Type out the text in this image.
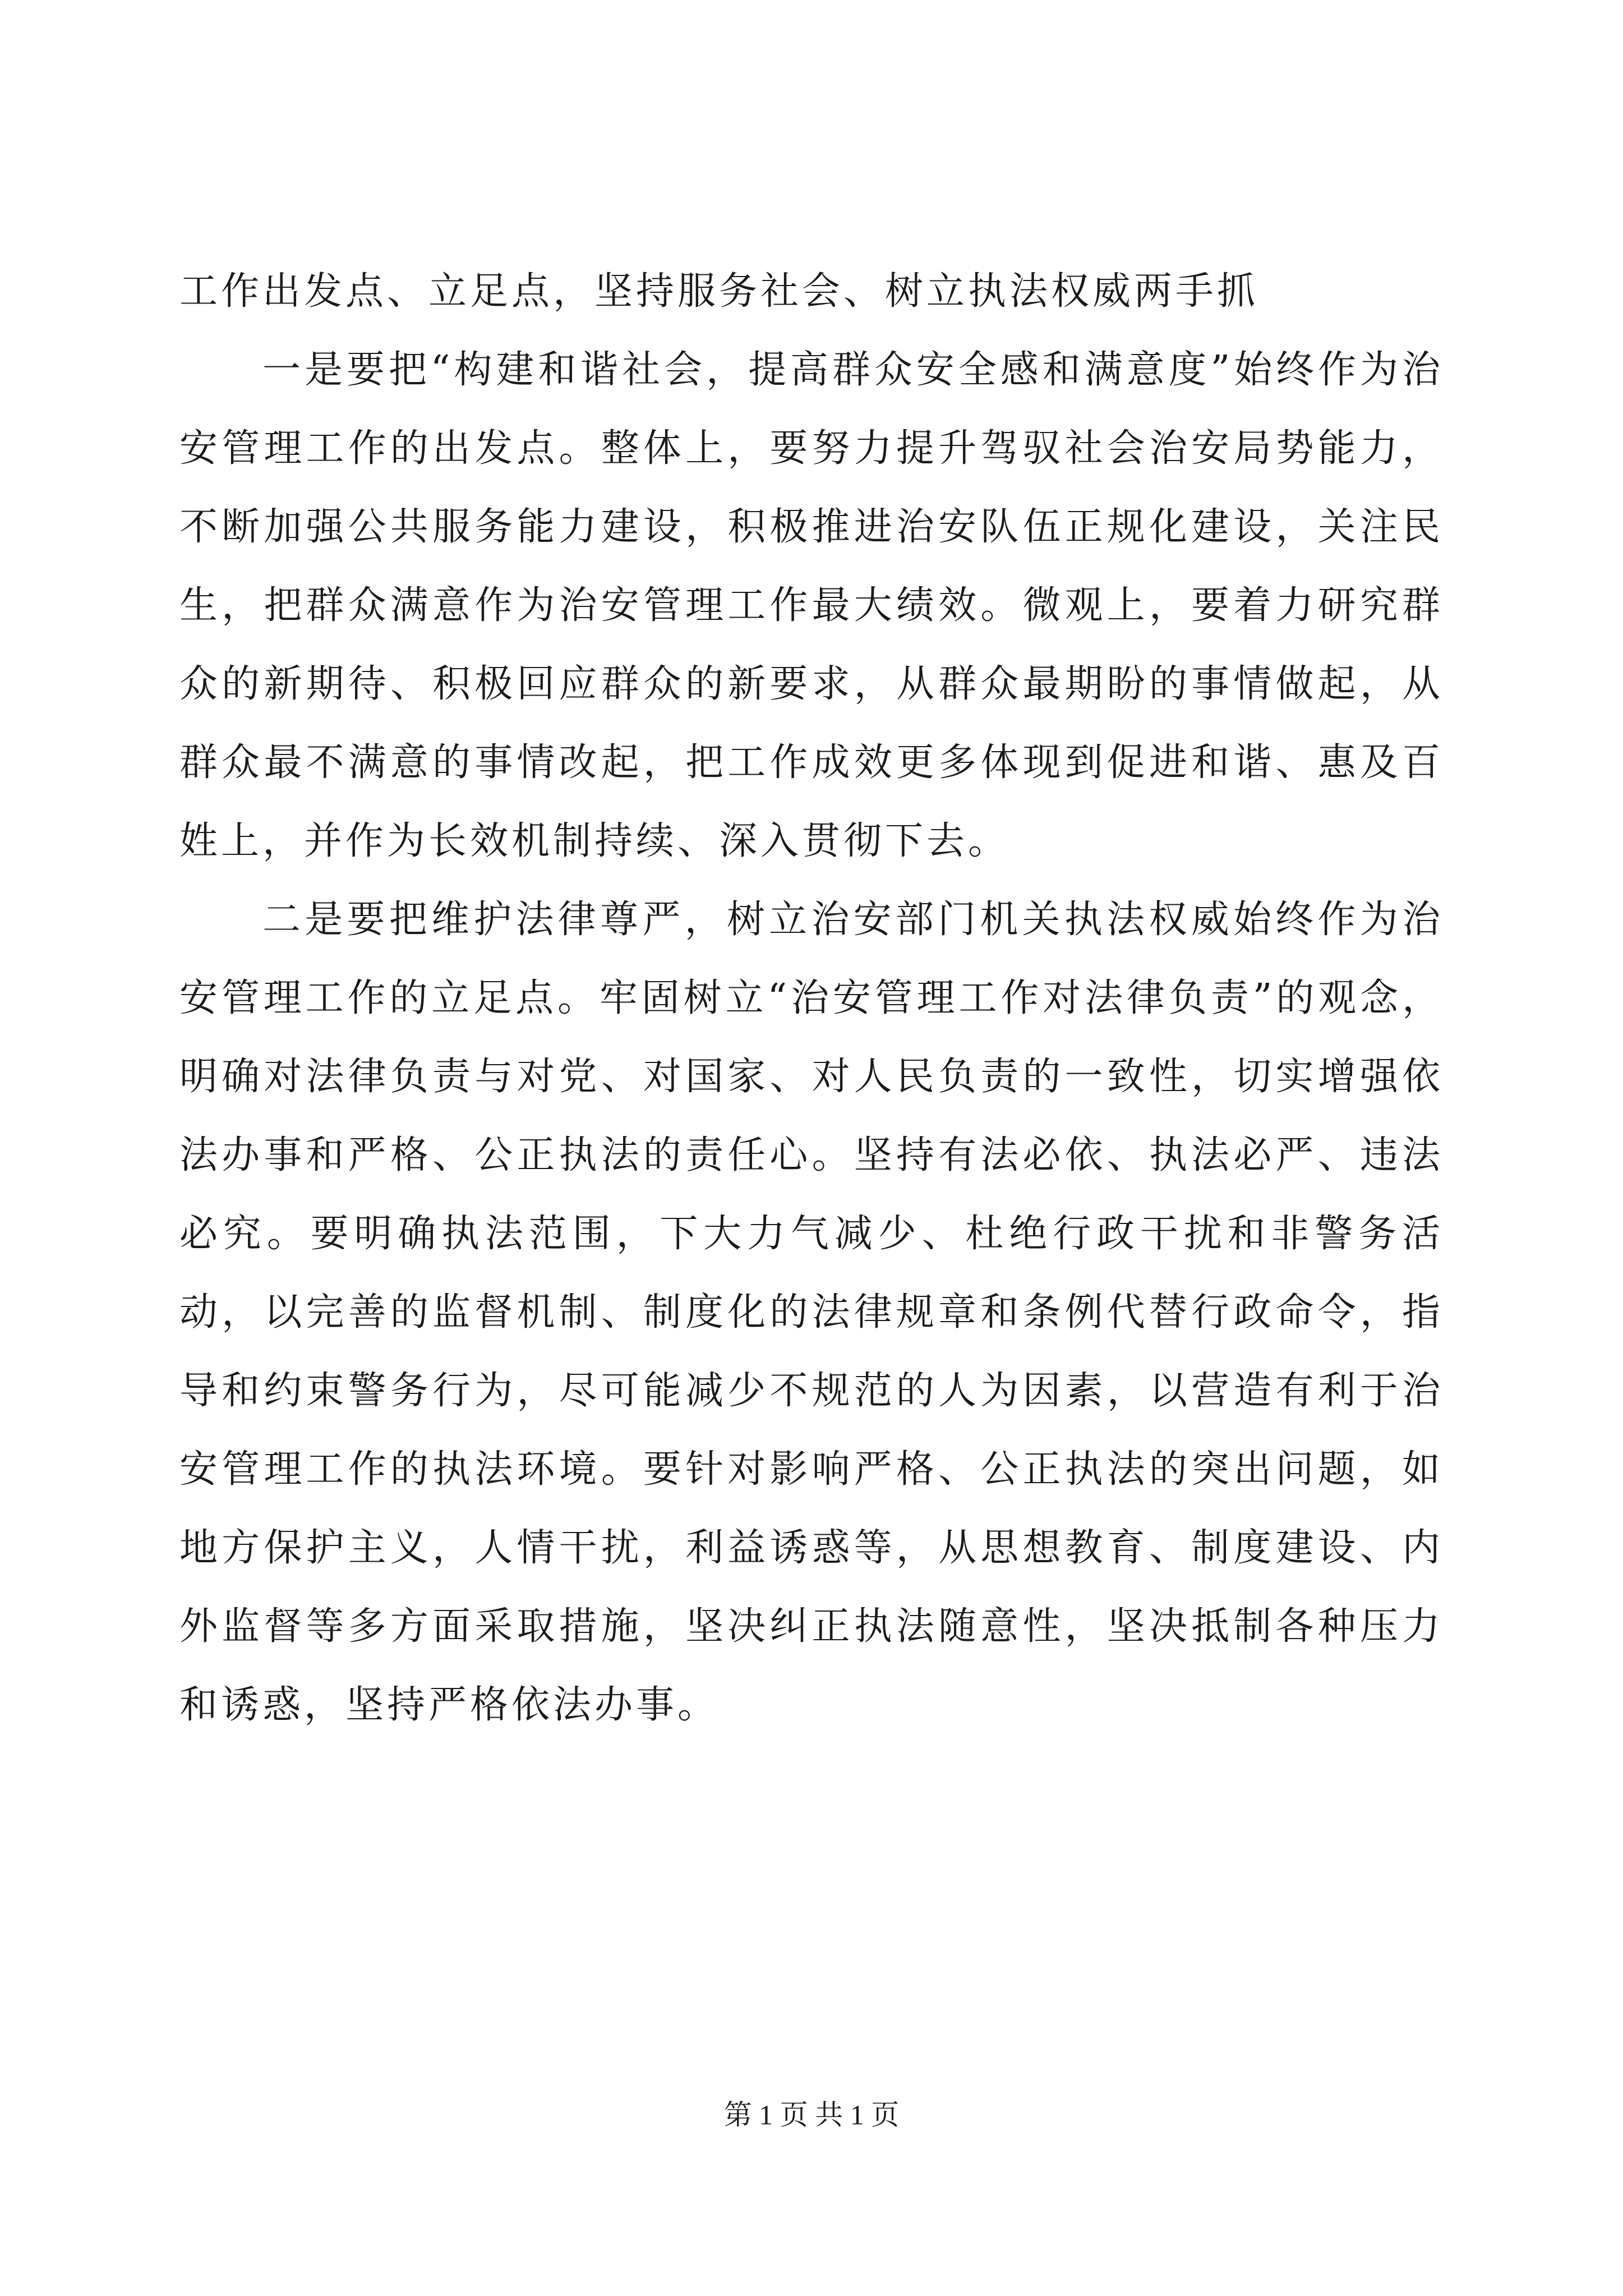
工作出发点、立足点，坚持服务社会、树立执法权威两手抓

一是要把“构建和谐社会，提高群众安全感和满意度”始终作为治安管理工作的出发点。整体上，要努力提升驾驭社会治安局势能力，不断加强公共服务能力建设，积极推进治安队伍正规化建设，关注民生，把群众满意作为治安管理工作最大绩效。微观上，要着力研究群众的新期待、积极回应群众的新要求，从群众最期盼的事情做起，从群众最不满意的事情改起，把工作成效更多体现到促进和谐、惠及百姓上，并作为长效机制持续、深入贯彻下去。

二是要把维护法律尊严，树立治安部门机关执法权威始终作为治安管理工作的立足点。牢固树立“治安管理工作对法律负责”的观念，明确对法律负责与对党、对国家、对人民负责的一致性，切实增强依法办事和严格、公正执法的责任心。坚持有法必依、执法必严、违法必究。要明确执法范围，下大力气减少、杜绝行政干扰和非警务活动，以完善的监督机制、制度化的法律规章和条例代替行政命令，指导和约束警务行为，尽可能减少不规范的人为因素，以营造有利于治安管理工作的执法环境。要针对影响严格、公正执法的突出问题，如地方保护主义，人情干扰，利益诱惑等，从思想教育、制度建设、内外监督等多方面采取措施，坚决纠正执法随意性，坚决抵制各种压力和诱惑，坚持严格依法办事。

第 1 页 共 1 页
